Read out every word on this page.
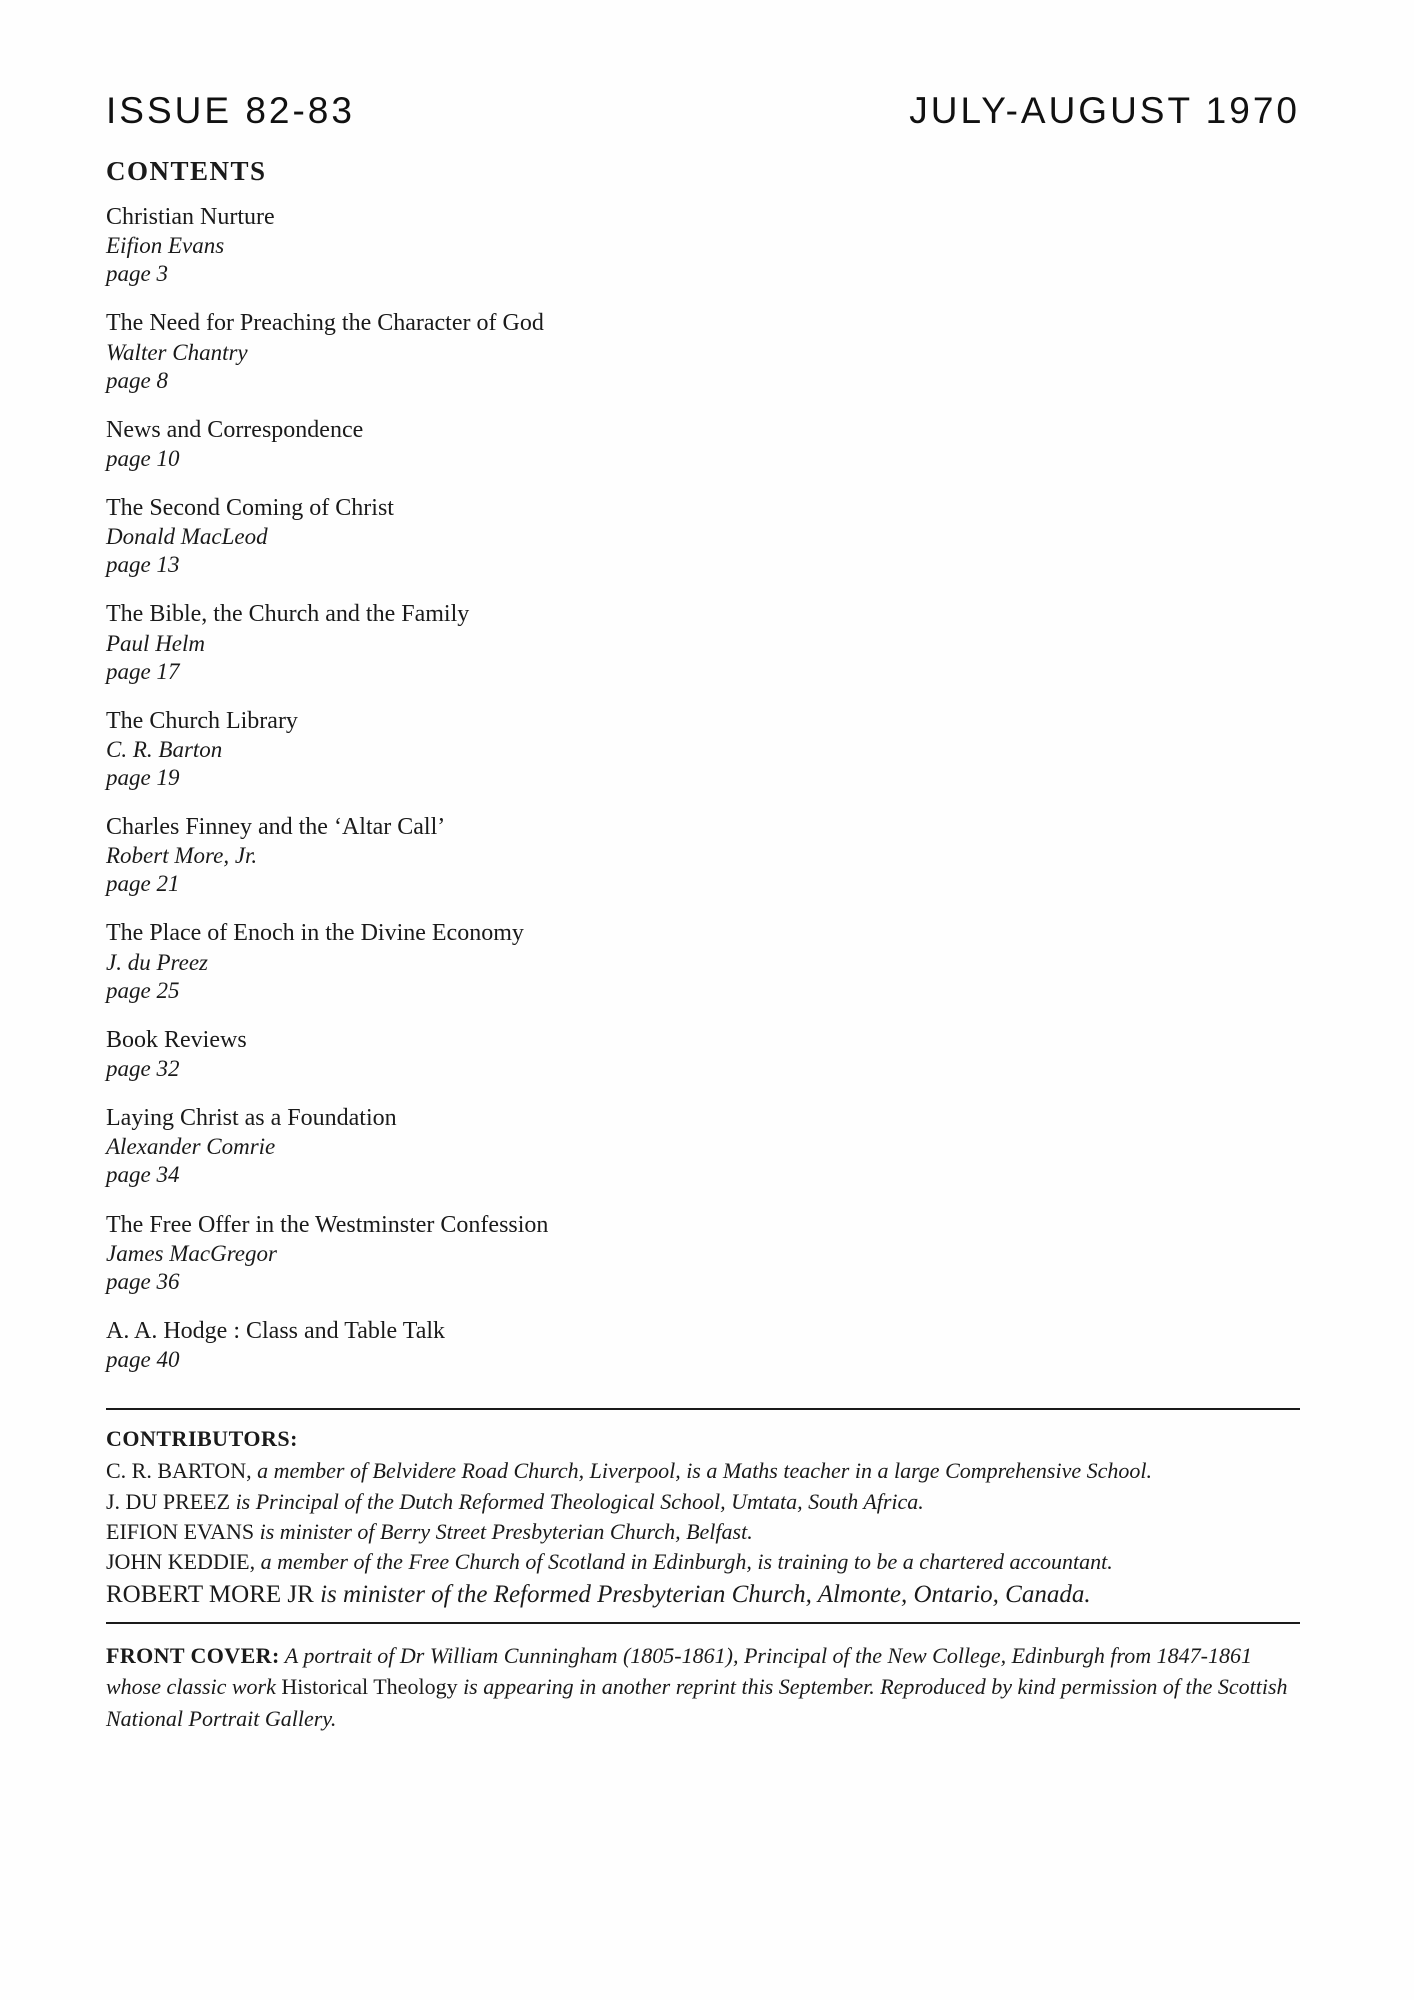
ISSUE 82-83	JULY-AUGUST 1970
CONTENTS
Christian Nurture
Eifion Evans
page 3
The Need for Preaching the Character of God
Walter Chantry
page 8
News and Correspondence
page 10
The Second Coming of Christ
Donald MacLeod
page 13
The Bible, the Church and the Family
Paul Helm
page 17
The Church Library
C. R. Barton
page 19
Charles Finney and the ‘Altar Call’
Robert More, Jr.
page 21
The Place of Enoch in the Divine Economy
J. du Preez
page 25
Book Reviews
page 32
Laying Christ as a Foundation
Alexander Comrie
page 34
The Free Offer in the Westminster Confession
James MacGregor
page 36
A. A. Hodge : Class and Table Talk
page 40
CONTRIBUTORS:
C. R. BARTON, a member of Belvidere Road Church, Liverpool, is a Maths teacher in a large Comprehensive School.
J. DU PREEZ is Principal of the Dutch Reformed Theological School, Umtata, South Africa.
EIFION EVANS is minister of Berry Street Presbyterian Church, Belfast.
JOHN KEDDIE, a member of the Free Church of Scotland in Edinburgh, is training to be a chartered accountant.
ROBERT MORE JR is minister of the Reformed Presbyterian Church, Almonte, Ontario, Canada.
FRONT COVER: A portrait of Dr William Cunningham (1805-1861), Principal of the New College, Edinburgh from 1847-1861 whose classic work Historical Theology is appearing in another reprint this September. Reproduced by kind permission of the Scottish National Portrait Gallery.
